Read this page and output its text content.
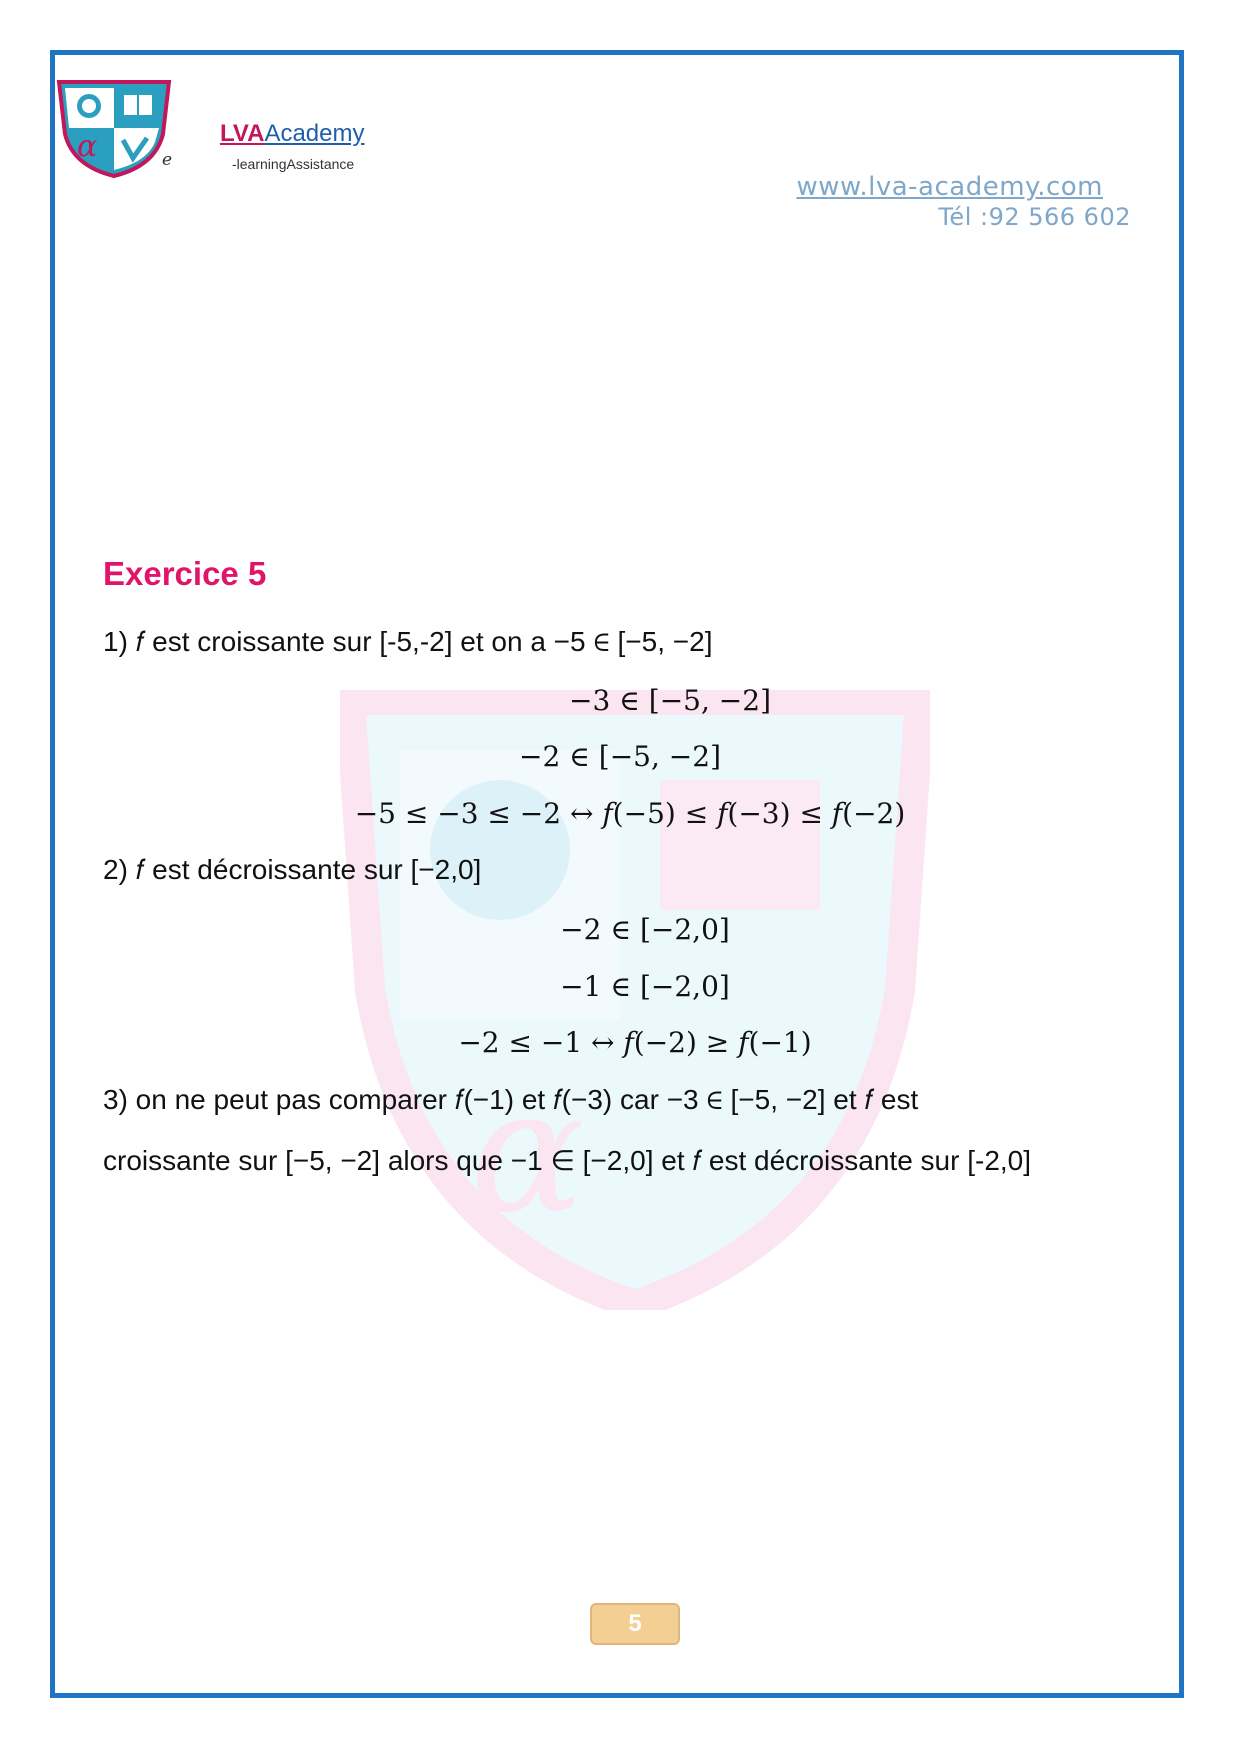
α	e
LVAAcademy
-learningAssistance
www.lva-academy.com
Tél :92 566 602
α
Exercice 5
1) 𝑓 est croissante sur [-5,-2] et on a −5 ∈ [−5, −2]
−3 ∈ [−5, −2]
−2 ∈ [−5, −2]
−5 ≤ −3 ≤ −2 ↔ 𝑓(−5) ≤ 𝑓(−3) ≤ 𝑓(−2)
2) 𝑓 est décroissante sur [−2,0]
−2 ∈ [−2,0]
−1 ∈ [−2,0]
−2 ≤ −1 ↔ 𝑓(−2) ≥ 𝑓(−1)
3) on ne peut pas comparer 𝑓(−1) et 𝑓(−3) car −3 ∈ [−5, −2] et 𝑓 est
croissante sur [−5, −2] alors que −1 ∈ [−2,0] et 𝑓 est décroissante sur [-2,0]
5
